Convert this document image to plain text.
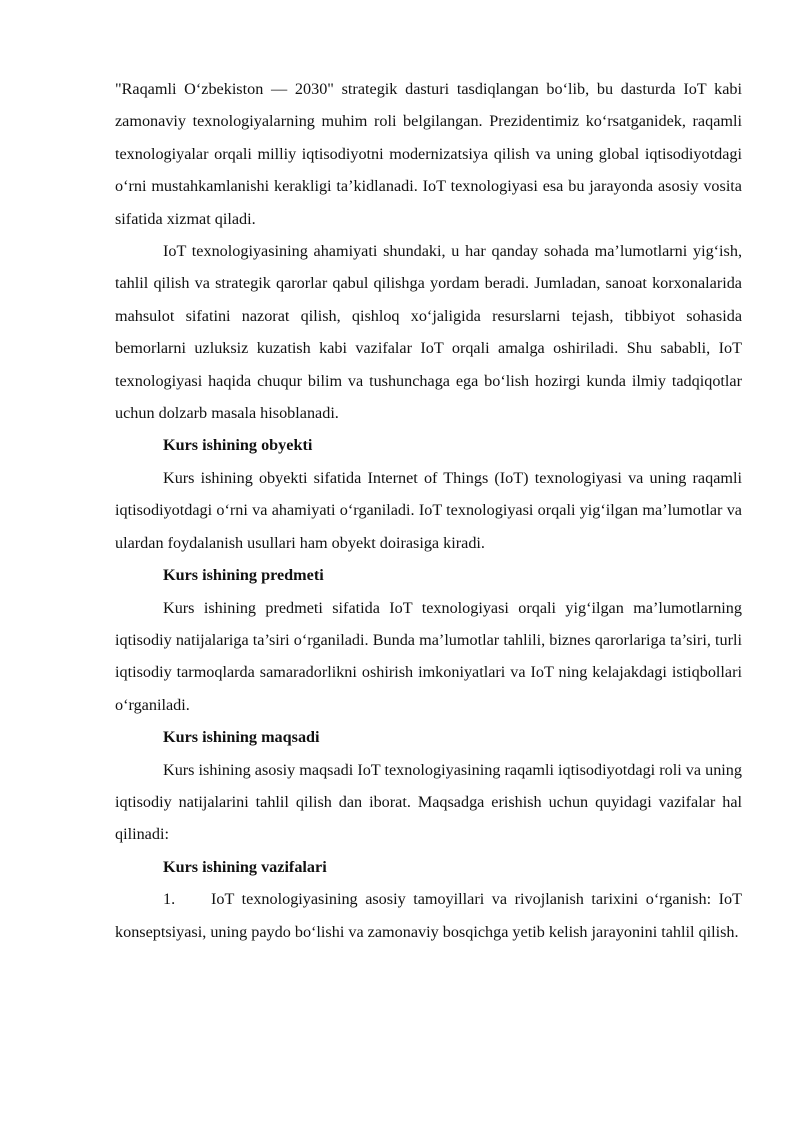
"Raqamli O‘zbekiston — 2030" strategik dasturi tasdiqlangan bo‘lib, bu dasturda IoT kabi zamonaviy texnologiyalarning muhim roli belgilangan. Prezidentimiz ko‘rsatganidek, raqamli texnologiyalar orqali milliy iqtisodiyotni modernizatsiya qilish va uning global iqtisodiyotdagi o‘rni mustahkamlanishi kerakligi ta’kidlanadi. IoT texnologiyasi esa bu jarayonda asosiy vosita sifatida xizmat qiladi.

IoT texnologiyasining ahamiyati shundaki, u har qanday sohada ma’lumotlarni yig‘ish, tahlil qilish va strategik qarorlar qabul qilishga yordam beradi. Jumladan, sanoat korxonalarida mahsulot sifatini nazorat qilish, qishloq xo‘jaligida resurslarni tejash, tibbiyot sohasida bemorlarni uzluksiz kuzatish kabi vazifalar IoT orqali amalga oshiriladi. Shu sababli, IoT texnologiyasi haqida chuqur bilim va tushunchaga ega bo‘lish hozirgi kunda ilmiy tadqiqotlar uchun dolzarb masala hisoblanadi.

Kurs ishining obyekti

Kurs ishining obyekti sifatida Internet of Things (IoT) texnologiyasi va uning raqamli iqtisodiyotdagi o‘rni va ahamiyati o‘rganiladi. IoT texnologiyasi orqali yig‘ilgan ma’lumotlar va ulardan foydalanish usullari ham obyekt doirasiga kiradi.

Kurs ishining predmeti

Kurs ishining predmeti sifatida IoT texnologiyasi orqali yig‘ilgan ma’lumotlarning iqtisodiy natijalariga ta’siri o‘rganiladi. Bunda ma’lumotlar tahlili, biznes qarorlariga ta’siri, turli iqtisodiy tarmoqlarda samaradorlikni oshirish imkoniyatlari va IoT ning kelajakdagi istiqbollari o‘rganiladi.

Kurs ishining maqsadi

Kurs ishining asosiy maqsadi IoT texnologiyasining raqamli iqtisodiyotdagi roli va uning iqtisodiy natijalarini tahlil qilish dan iborat. Maqsadga erishish uchun quyidagi vazifalar hal qilinadi:

Kurs ishining vazifalari

1. IoT texnologiyasining asosiy tamoyillari va rivojlanish tarixini o‘rganish: IoT konseptsiyasi, uning paydo bo‘lishi va zamonaviy bosqichga yetib kelish jarayonini tahlil qilish.
